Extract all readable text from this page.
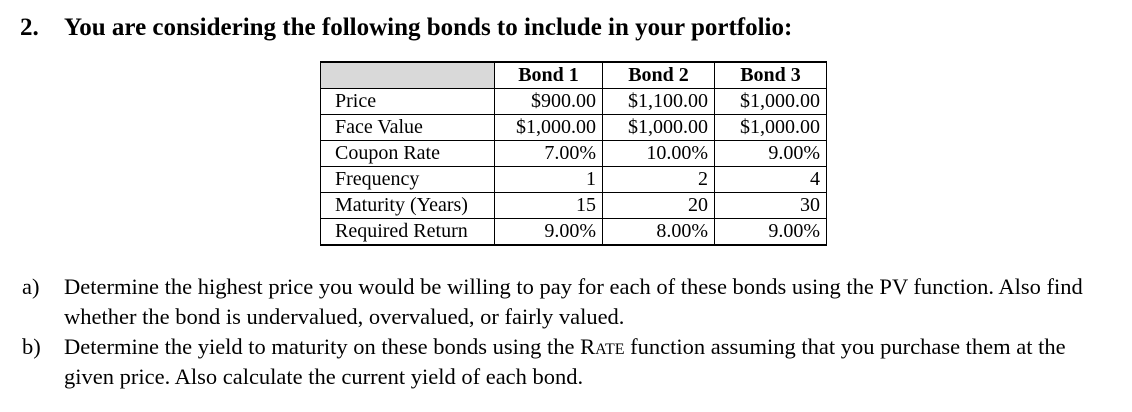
2. You are considering the following bonds to include in your portfolio:
	Bond 1	Bond 2	Bond 3
Price	$900.00	$1,100.00	$1,000.00
Face Value	$1,000.00	$1,000.00	$1,000.00
Coupon Rate	7.00%	10.00%	9.00%
Frequency	1	2	4
Maturity (Years)	15	20	30
Required Return	9.00%	8.00%	9.00%
a)	Determine the highest price you would be willing to pay for each of these bonds using the PV function. Also find whether the bond is undervalued, overvalued, or fairly valued.
b)	Determine the yield to maturity on these bonds using the Rate function assuming that you purchase them at the given price. Also calculate the current yield of each bond.
